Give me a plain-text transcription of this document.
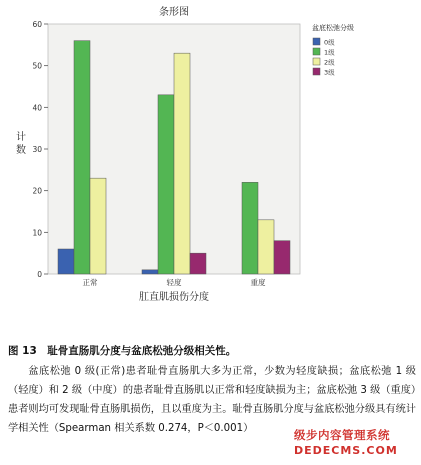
条形图
肛直肌损伤分度
计数
0
10
20
30
40
50
60
正常	轻度	重度
盆底松弛分级
0级
1级
2级
3级
图 13　耻骨直肠肌分度与盆底松弛分级相关性。

盆底松弛 0 级(正常)患者耻骨直肠肌大多为正常，少数为轻度缺损；盆底松弛 1 级（轻度）和 2 级（中度）的患者耻骨直肠肌以正常和轻度缺损为主；盆底松弛 3 级（重度）患者则均可发现耻骨直肠肌损伤，且以重度为主。耻骨直肠肌分度与盆底松弛分级具有统计学相关性（Spearman 相关系数 0.274，P＜0.001）	级步内容管理系统
DEDECMS.COM
